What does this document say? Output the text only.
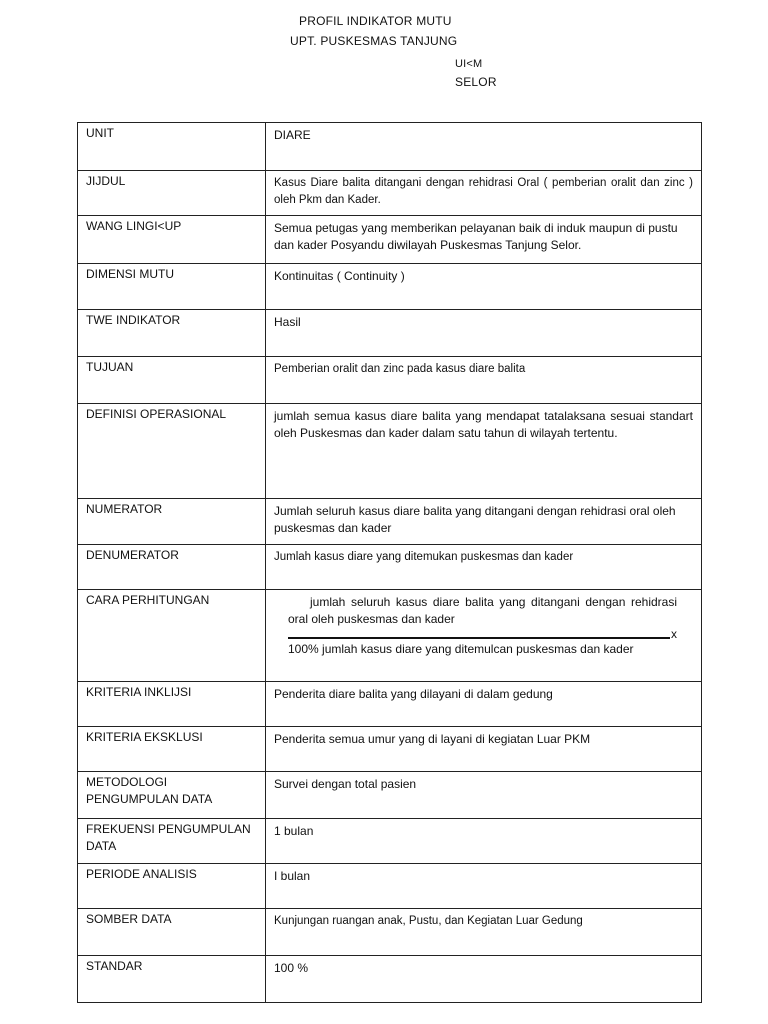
PROFIL INDIKATOR MUTU
UPT. PUSKESMAS TANJUNG
UI<M
SELOR
UNIT	DIARE
JIJDUL	Kasus Diare balita ditangani dengan rehidrasi Oral ( pemberian oralit dan zinc ) oleh Pkm dan Kader.
WANG LINGI<UP	Semua petugas yang memberikan pelayanan baik di induk maupun di pustu dan kader Posyandu diwilayah Puskesmas Tanjung Selor.
DIMENSI MUTU	Kontinuitas ( Continuity )
TWE INDIKATOR	Hasil
TUJUAN	Pemberian oralit dan zinc pada kasus diare balita
DEFINISI OPERASIONAL	jumlah semua kasus diare balita yang mendapat tatalaksana sesuai standart oleh Puskesmas dan kader dalam satu tahun di wilayah tertentu.
NUMERATOR	Jumlah seluruh kasus diare balita yang ditangani dengan rehidrasi oral oleh puskesmas dan kader
DENUMERATOR	Jumlah kasus diare yang ditemukan puskesmas dan kader
CARA PERHITUNGAN	jumlah seluruh kasus diare balita yang ditangani dengan rehidrasi oral oleh puskesmas dan kader
x
100% jumlah kasus diare yang ditemulcan puskesmas dan kader

KRITERIA INKLIJSI	Penderita diare balita yang dilayani di dalam gedung
KRITERIA EKSKLUSI	Penderita semua umur yang di layani di kegiatan Luar PKM
METODOLOGI PENGUMPULAN DATA	Survei dengan total pasien
FREKUENSI PENGUMPULAN DATA	1 bulan
PERIODE ANALISIS	I bulan
SOMBER DATA	Kunjungan ruangan anak, Pustu, dan Kegiatan Luar Gedung
STANDAR	100 %
